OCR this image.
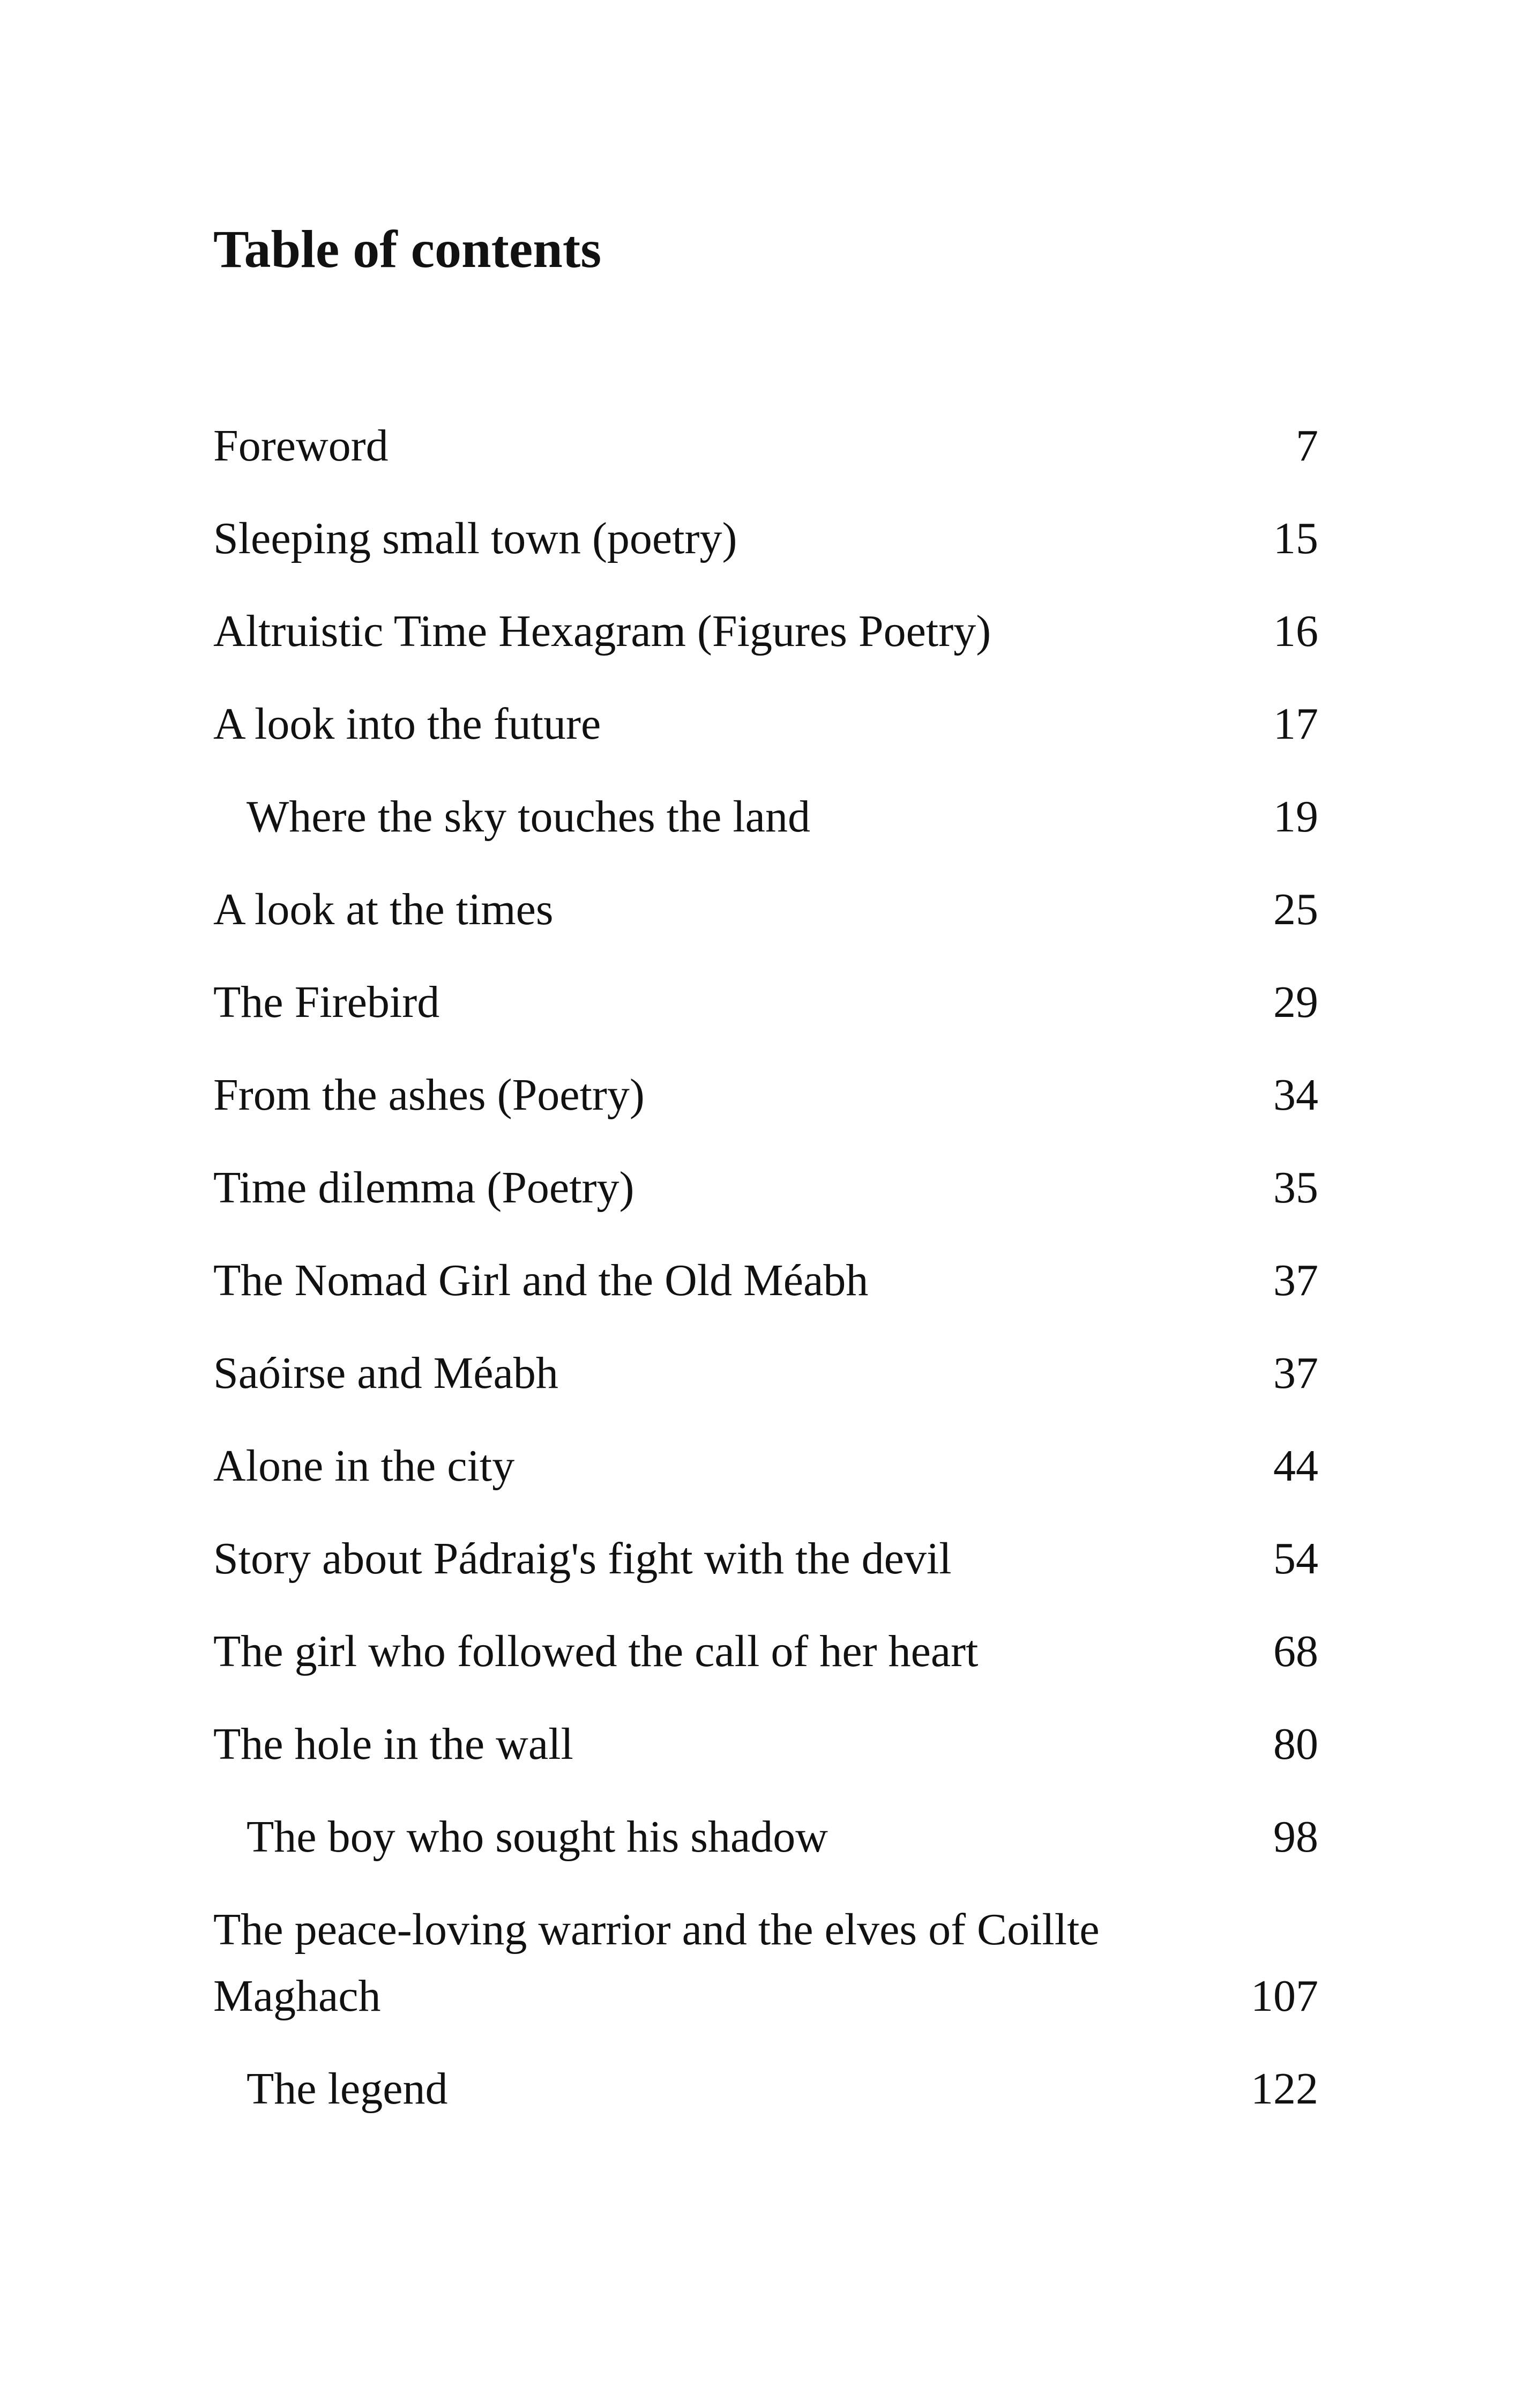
Table of contents
Foreword	7
Sleeping small town (poetry)	15
Altruistic Time Hexagram (Figures Poetry)	16
A look into the future	17
Where the sky touches the land	19
A look at the times	25
The Firebird	29
From the ashes (Poetry)	34
Time dilemma (Poetry)	35
The Nomad Girl and the Old Méabh	37
Saóirse and Méabh	37
Alone in the city	44
Story about Pádraig's fight with the devil	54
The girl who followed the call of her heart	68
The hole in the wall	80
The boy who sought his shadow	98
The peace-loving warrior and the elves of Coillte Maghach	107
The legend	122
